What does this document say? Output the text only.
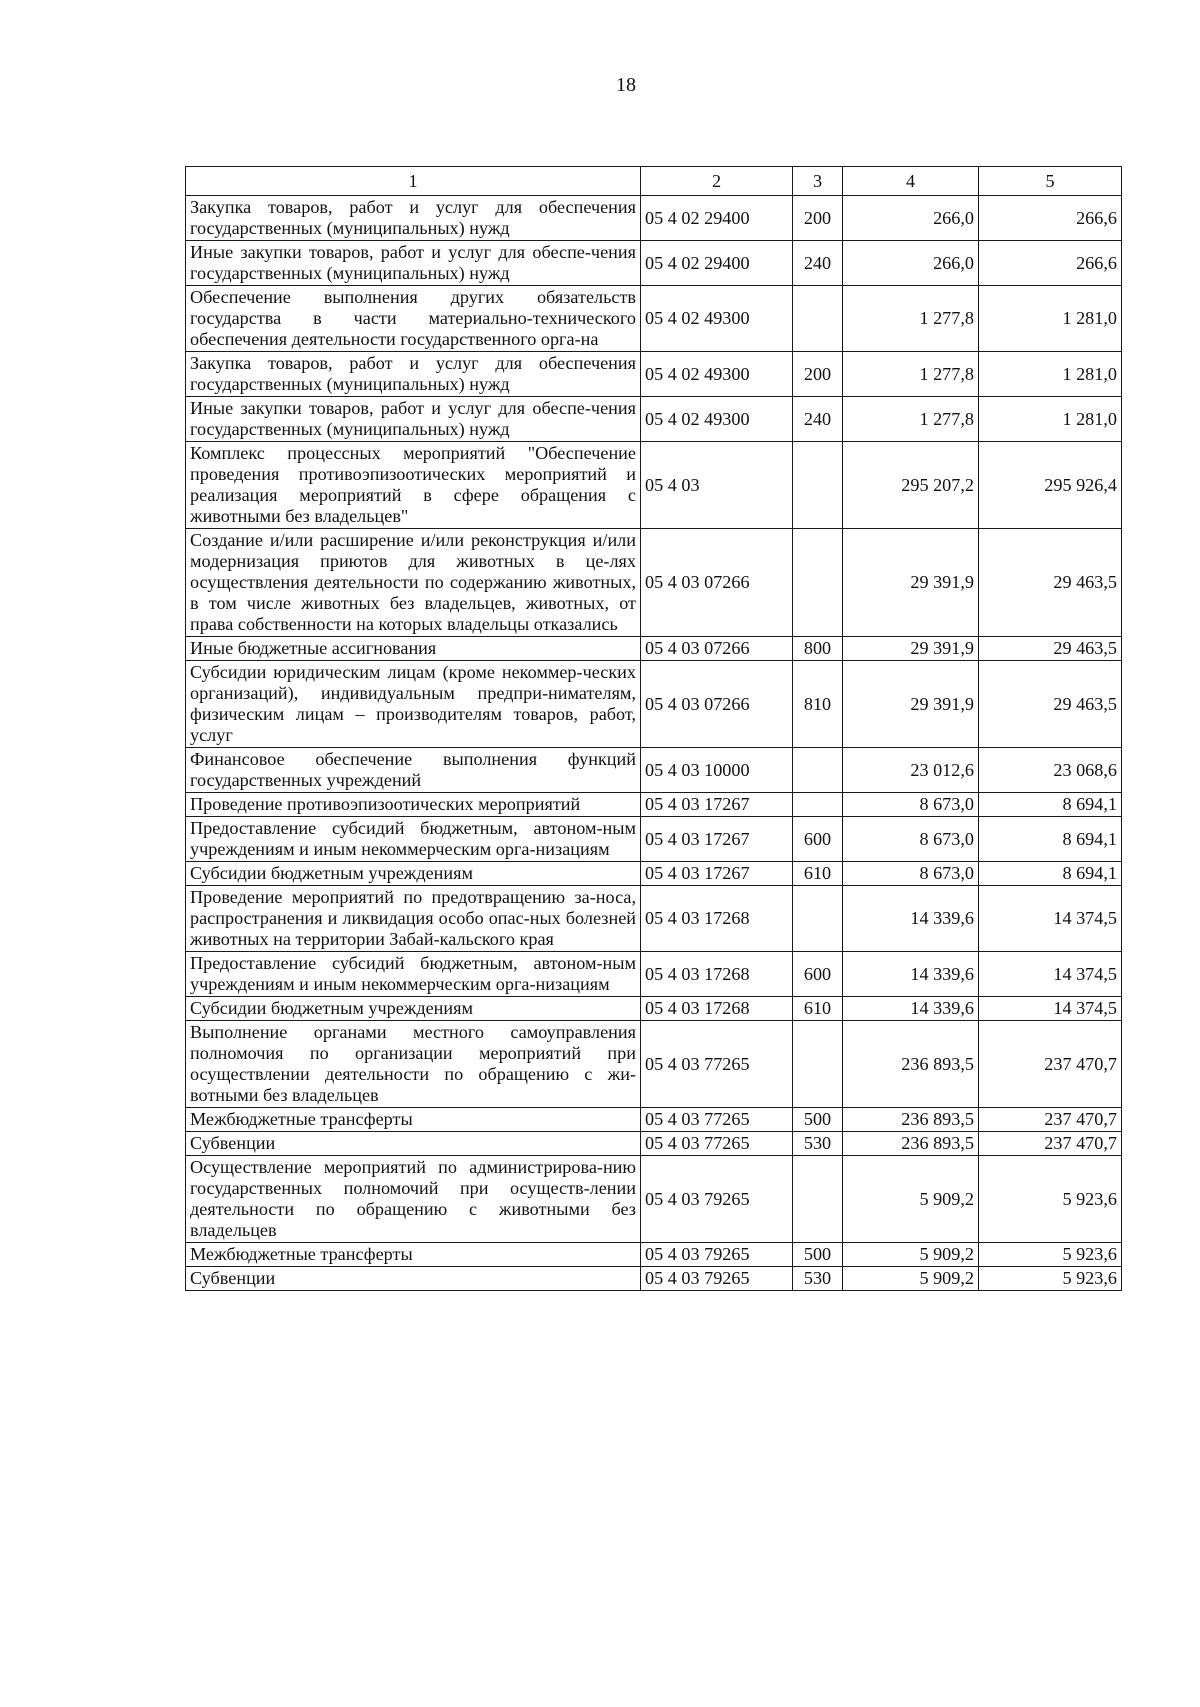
18
1	2	3	4	5
Закупка товаров, работ и услуг для обеспечения государственных (муниципальных) нужд	05 4 02 29400	200	266,0	266,6
Иные закупки товаров, работ и услуг для обеспе-чения государственных (муниципальных) нужд	05 4 02 29400	240	266,0	266,6
Обеспечение выполнения других обязательств государства в части материально-технического обеспечения деятельности государственного орга-на	05 4 02 49300		1 277,8	1 281,0
Закупка товаров, работ и услуг для обеспечения государственных (муниципальных) нужд	05 4 02 49300	200	1 277,8	1 281,0
Иные закупки товаров, работ и услуг для обеспе-чения государственных (муниципальных) нужд	05 4 02 49300	240	1 277,8	1 281,0
Комплекс процессных мероприятий "Обеспечение проведения противоэпизоотических мероприятий и реализация мероприятий в сфере обращения с животными без владельцев"	05 4 03		295 207,2	295 926,4
Создание и/или расширение и/или реконструкция и/или модернизация приютов для животных в це-лях осуществления деятельности по содержанию животных, в том числе животных без владельцев, животных, от права собственности на которых владельцы отказались	05 4 03 07266		29 391,9	29 463,5
Иные бюджетные ассигнования	05 4 03 07266	800	29 391,9	29 463,5
Субсидии юридическим лицам (кроме некоммер-ческих организаций), индивидуальным предпри-нимателям, физическим лицам – производителям товаров, работ, услуг	05 4 03 07266	810	29 391,9	29 463,5
Финансовое обеспечение выполнения функций государственных учреждений	05 4 03 10000		23 012,6	23 068,6
Проведение противоэпизоотических мероприятий	05 4 03 17267		8 673,0	8 694,1
Предоставление субсидий бюджетным, автоном-ным учреждениям и иным некоммерческим орга-низациям	05 4 03 17267	600	8 673,0	8 694,1
Субсидии бюджетным учреждениям	05 4 03 17267	610	8 673,0	8 694,1
Проведение мероприятий по предотвращению за-носа, распространения и ликвидация особо опас-ных болезней животных на территории Забай-кальского края	05 4 03 17268		14 339,6	14 374,5
Предоставление субсидий бюджетным, автоном-ным учреждениям и иным некоммерческим орга-низациям	05 4 03 17268	600	14 339,6	14 374,5
Субсидии бюджетным учреждениям	05 4 03 17268	610	14 339,6	14 374,5
Выполнение органами местного самоуправления полномочия по организации мероприятий при осуществлении деятельности по обращению с жи-вотными без владельцев	05 4 03 77265		236 893,5	237 470,7
Межбюджетные трансферты	05 4 03 77265	500	236 893,5	237 470,7
Субвенции	05 4 03 77265	530	236 893,5	237 470,7
Осуществление мероприятий по администрирова-нию государственных полномочий при осуществ-лении деятельности по обращению с животными без владельцев	05 4 03 79265		5 909,2	5 923,6
Межбюджетные трансферты	05 4 03 79265	500	5 909,2	5 923,6
Субвенции	05 4 03 79265	530	5 909,2	5 923,6
